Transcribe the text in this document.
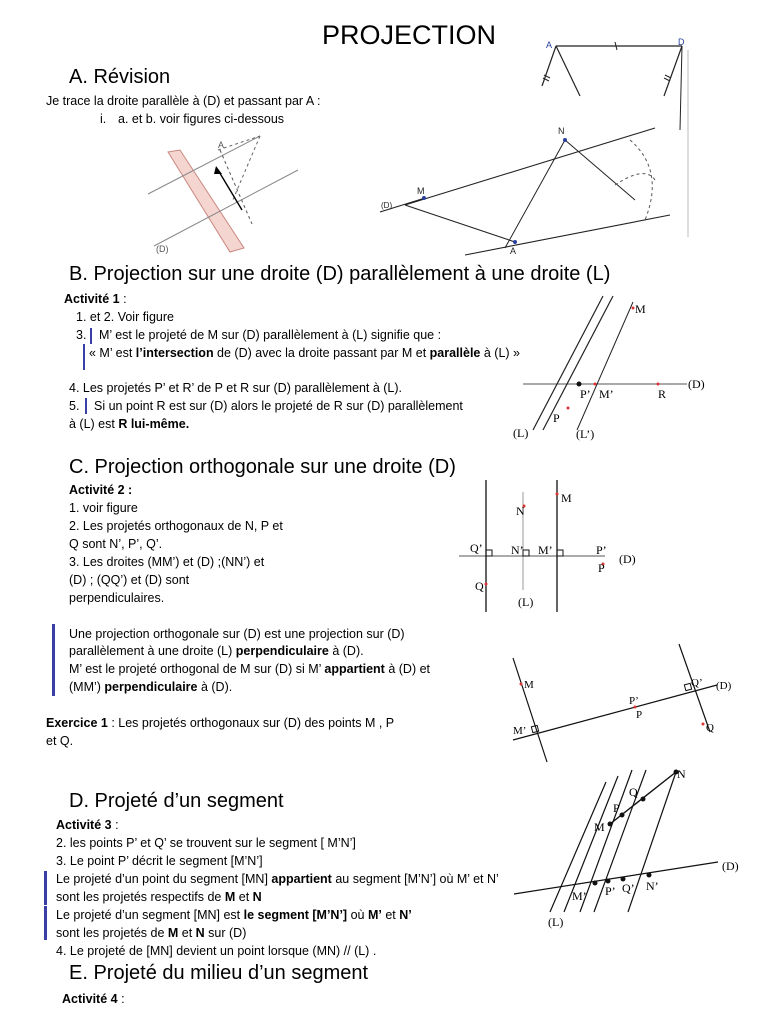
PROJECTION
A. Révision
Je trace la droite parallèle à (D) et passant par A :
i. a. et b. voir figures ci-dessous
A	D
A
(D)
N
M
A
(D)
B. Projection sur une droite (D) parallèlement à une droite (L)
Activité 1 :
1. et 2. Voir figure
3. M’ est le projeté de M sur (D) parallèlement à (L) signifie que :
« M’ est l’intersection de (D) avec la droite passant par M et parallèle à (L) »
4. Les projetés P’ et R’ de P et R sur (D) parallèlement à (L).
5. Si un point R est sur (D) alors le projeté de R sur (D) parallèlement
à (L) est R lui-même.
M
P’ M’	R
P
(D)
(L)	(L’)
C. Projection orthogonale sur une droite (D)
Activité 2 :
1. voir figure
2. Les projetés orthogonaux de N, P et
Q sont N’, P’, Q’.
3. Les droites (MM’) et (D) ;(NN’) et
(D) ; (QQ’) et (D) sont
perpendiculaires.
M
N
Q’ N’ M’	P’
P
Q
(D)
(L)
Une projection orthogonale sur (D) est une projection sur (D)
parallèlement à une droite (L) perpendiculaire à (D).
M’ est le projeté orthogonal de M sur (D) si M’ appartient à (D) et
(MM’) perpendiculaire à (D).
Exercice 1 : Les projetés orthogonaux sur (D) des points M , P
et Q.
M
M’
P’
P
Q’
Q
(D)
D. Projeté d’un segment
Activité 3 :
2. les points P’ et Q’ se trouvent sur le segment [ M’N’]
3. Le point P’ décrit le segment [M’N’]
Le projeté d’un point du segment [MN] appartient au segment [M’N’] où M’ et N’
sont les projetés respectifs de M et N
Le projeté d’un segment [MN] est le segment [M’N’] où M’ et N’
sont les projetés de M et N sur (D)
4. Le projeté de [MN] devient un point lorsque (MN) // (L) .
N
Q
P
M
M’ P’ Q’ N’
(D)
(L)
E. Projeté du milieu d’un segment
Activité 4 :
